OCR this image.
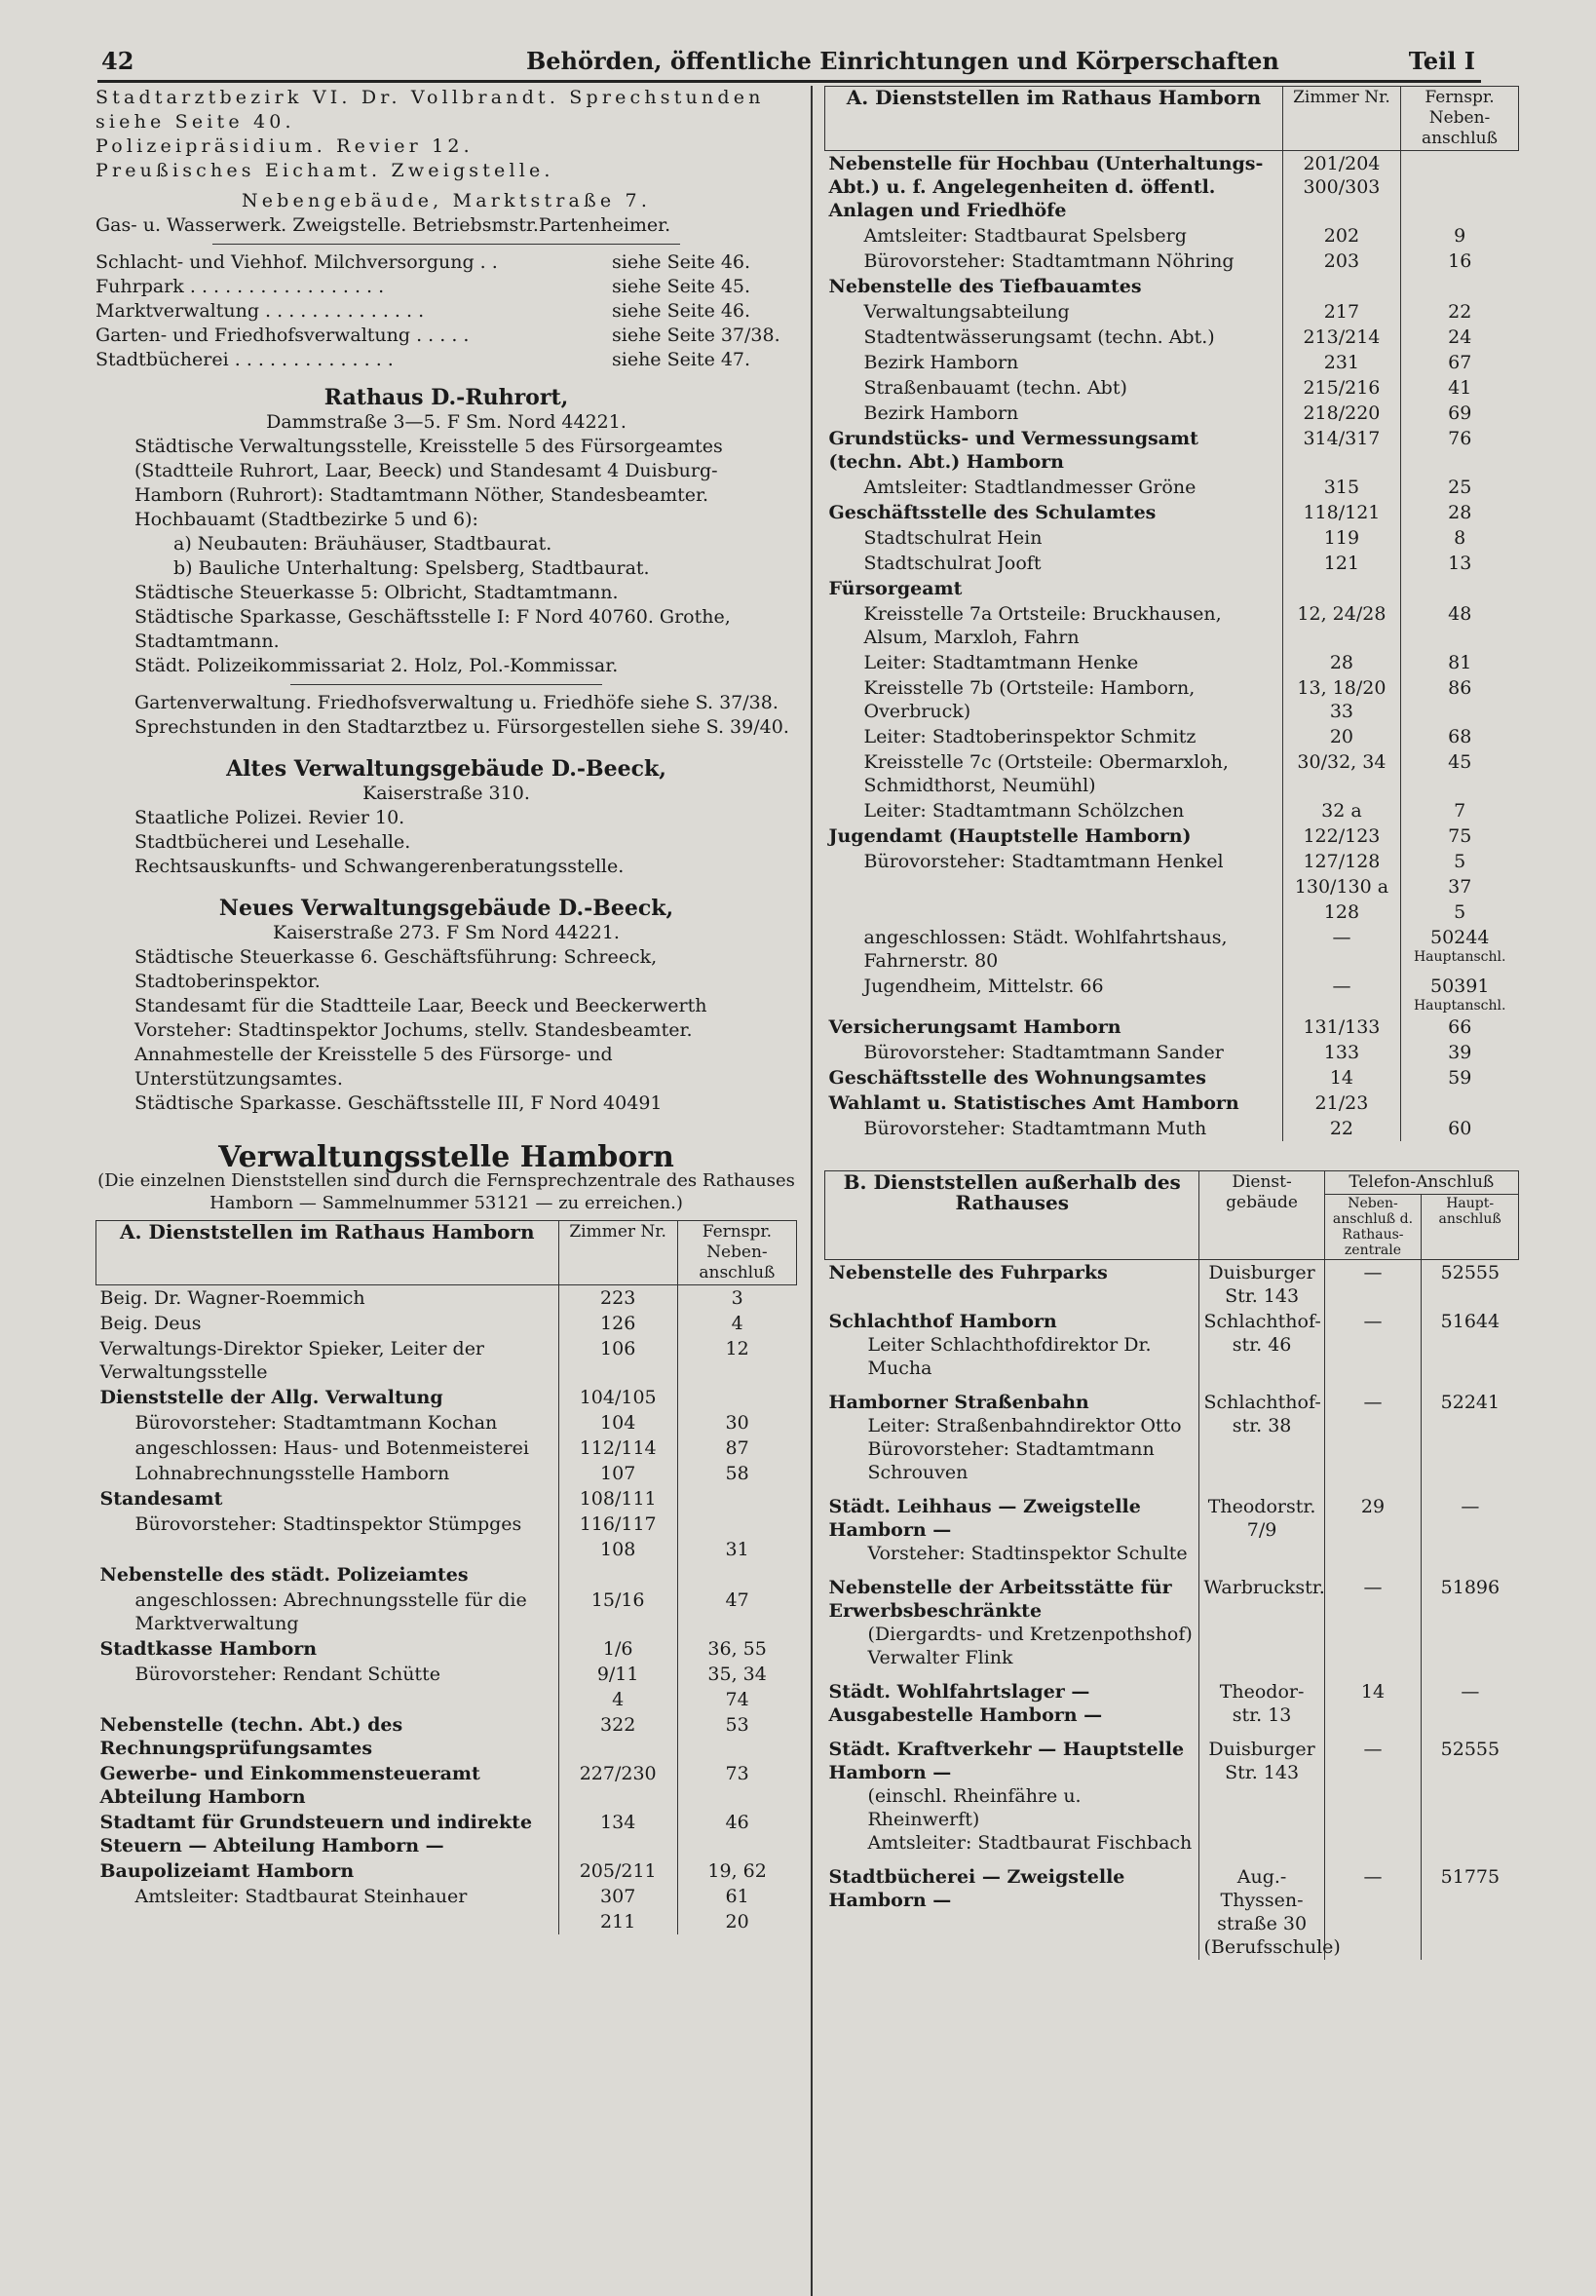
42	Behörden, öffentliche Einrichtungen und Körperschaften	Teil I

Stadtarztbezirk VI. Dr. Vollbrandt. Sprechstunden siehe Seite 40.

Polizeipräsidium. Revier 12.

Preußisches Eichamt. Zweigstelle.

Nebengebäude, Marktstraße 7.

Gas- u. Wasserwerk. Zweigstelle. Betriebsmstr.Partenheimer.

Schlacht- und Viehhof. Milchversorgung . .	siehe Seite 46.
Fuhrpark . . . . . . . . . . . . . . . . .	siehe Seite 45.
Marktverwaltung . . . . . . . . . . . . . .	siehe Seite 46.
Garten- und Friedhofsverwaltung . . . . .	siehe Seite 37/38.
Stadtbücherei . . . . . . . . . . . . . .	siehe Seite 47.

Rathaus D.-Ruhrort,

Dammstraße 3—5. F Sm. Nord 44221.

Städtische Verwaltungsstelle, Kreisstelle 5 des Fürsorgeamtes (Stadtteile Ruhrort, Laar, Beeck) und Standesamt 4 Duisburg-Hamborn (Ruhrort): Stadtamtmann Nöther, Standesbeamter.

Hochbauamt (Stadtbezirke 5 und 6):

a) Neubauten: Bräuhäuser, Stadtbaurat.

b) Bauliche Unterhaltung: Spelsberg, Stadtbaurat.

Städtische Steuerkasse 5: Olbricht, Stadtamtmann.

Städtische Sparkasse, Geschäftsstelle I: F Nord 40760. Grothe, Stadtamtmann.

Städt. Polizeikommissariat 2. Holz, Pol.-Kommissar.

Gartenverwaltung. Friedhofsverwaltung u. Friedhöfe siehe S. 37/38.

Sprechstunden in den Stadtarztbez u. Fürsorgestellen siehe S. 39/40.

Altes Verwaltungsgebäude D.-Beeck,

Kaiserstraße 310.

Staatliche Polizei. Revier 10.

Stadtbücherei und Lesehalle.

Rechtsauskunfts- und Schwangerenberatungsstelle.

Neues Verwaltungsgebäude D.-Beeck,

Kaiserstraße 273. F Sm Nord 44221.

Städtische Steuerkasse 6. Geschäftsführung: Schreeck, Stadtoberinspektor.

Standesamt für die Stadtteile Laar, Beeck und Beeckerwerth Vorsteher: Stadtinspektor Jochums, stellv. Standesbeamter.

Annahmestelle der Kreisstelle 5 des Fürsorge- und Unterstützungsamtes.

Städtische Sparkasse. Geschäftsstelle III, F Nord 40491

Verwaltungsstelle Hamborn

(Die einzelnen Dienststellen sind durch die Fernsprechzentrale des Rathauses Hamborn — Sammelnummer 53121 — zu erreichen.)

A. Dienststellen im Rathaus Hamborn	Zimmer Nr.	Fernspr. Neben- anschluß
Beig. Dr. Wagner-Roemmich	223	3

Beig. Deus	126	4

Verwaltungs-Direktor Spieker, Leiter der Verwaltungsstelle	106	12

Dienststelle der Allg. Verwaltung	104/105	

Bürovorsteher: Stadtamtmann Kochan	104	30

angeschlossen: Haus- und Botenmeisterei	112/114	87

Lohnabrechnungsstelle Hamborn	107	58

Standesamt	108/111	

Bürovorsteher: Stadtinspektor Stümpges	116/117	

	108	31

Nebenstelle des städt. Polizeiamtes		

angeschlossen: Abrechnungsstelle für die Marktverwaltung	15/16	47

Stadtkasse Hamborn	1/6	36, 55

Bürovorsteher: Rendant Schütte	9/11	35, 34

	4	74

Nebenstelle (techn. Abt.) des Rechnungsprüfungsamtes	322	53

Gewerbe- und Einkommensteueramt Abteilung Hamborn	227/230	73

Stadtamt für Grundsteuern und indirekte Steuern — Abteilung Hamborn —	134	46

Baupolizeiamt Hamborn	205/211	19, 62

Amtsleiter: Stadtbaurat Steinhauer	307	61

	211	20
A. Dienststellen im Rathaus Hamborn	Zimmer Nr.	Fernspr. Neben- anschluß
Nebenstelle für Hochbau (Unterhaltungs-Abt.) u. f. Angelegenheiten d. öffentl. Anlagen und Friedhöfe	201/204 300/303	

Amtsleiter: Stadtbaurat Spelsberg	202	9

Bürovorsteher: Stadtamtmann Nöhring	203	16

Nebenstelle des Tiefbauamtes		

Verwaltungsabteilung	217	22

Stadtentwässerungsamt (techn. Abt.)	213/214	24

Bezirk Hamborn	231	67

Straßenbauamt (techn. Abt)	215/216	41

Bezirk Hamborn	218/220	69

Grundstücks- und Vermessungsamt (techn. Abt.) Hamborn	314/317	76

Amtsleiter: Stadtlandmesser Gröne	315	25

Geschäftsstelle des Schulamtes	118/121	28

Stadtschulrat Hein	119	8

Stadtschulrat Jooft	121	13

Fürsorgeamt		

Kreisstelle 7a Ortsteile: Bruckhausen, Alsum, Marxloh, Fahrn	12, 24/28	48

Leiter: Stadtamtmann Henke	28	81

Kreisstelle 7b (Ortsteile: Hamborn, Overbruck)	13, 18/20 33	86

Leiter: Stadtoberinspektor Schmitz	20	68

Kreisstelle 7c (Ortsteile: Obermarxloh, Schmidthorst, Neumühl)	30/32, 34	45

Leiter: Stadtamtmann Schölzchen	32 a	7

Jugendamt (Hauptstelle Hamborn)	122/123	75

Bürovorsteher: Stadtamtmann Henkel	127/128	5

	130/130 a	37

	128	5

angeschlossen: Städt. Wohlfahrtshaus, Fahrnerstr. 80	—	50244
Hauptanschl.

Jugendheim, Mittelstr. 66	—	50391
Hauptanschl.

Versicherungsamt Hamborn	131/133	66

Bürovorsteher: Stadtamtmann Sander	133	39

Geschäftsstelle des Wohnungsamtes	14	59

Wahlamt u. Statistisches Amt Hamborn	21/23	

Bürovorsteher: Stadtamtmann Muth	22	60
B. Dienststellen außerhalb des Rathauses	Dienst- gebäude	Telefon-Anschluß	
		Neben- anschluß d. Rathaus- zentrale	Haupt- anschluß

Nebenstelle des Fuhrparks	Duisburger Str. 143	—	52555

Schlachthof Hamborn
Leiter Schlachthofdirektor Dr. Mucha	Schlachthof- str. 46	—	51644

Hamborner Straßenbahn
Leiter: Straßenbahndirektor Otto
Bürovorsteher: Stadtamtmann Schrouven	Schlachthof- str. 38	—	52241

Städt. Leihhaus — Zweigstelle Hamborn —
Vorsteher: Stadtinspektor Schulte	Theodorstr. 7/9	29	—

Nebenstelle der Arbeitsstätte für Erwerbsbeschränkte
(Diergardts- und Kretzenpothshof)
Verwalter Flink	Warbruckstr.	—	51896

Städt. Wohlfahrtslager — Ausgabestelle Hamborn —	Theodor- str. 13	14	—

Städt. Kraftverkehr — Hauptstelle Hamborn —
(einschl. Rheinfähre u. Rheinwerft)
Amtsleiter: Stadtbaurat Fischbach	Duisburger Str. 143	—	52555

Stadtbücherei — Zweigstelle Hamborn —	Aug.-Thyssen- straße 30 (Berufsschule)	—	51775
